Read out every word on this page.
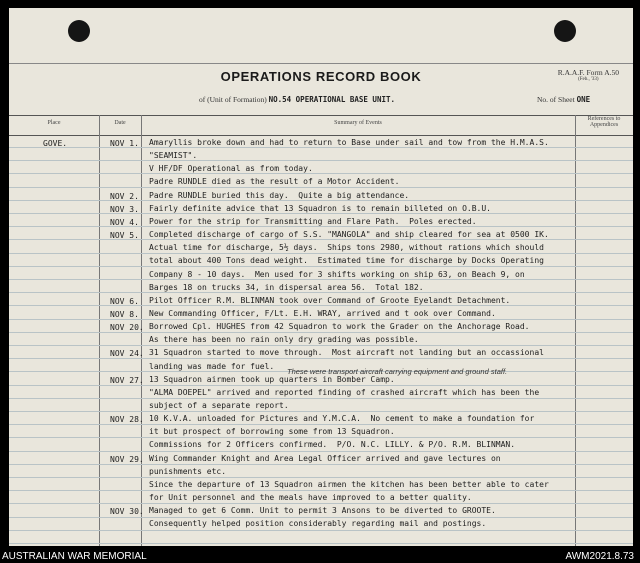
OPERATIONS RECORD BOOK	R.A.A.F. Form A.50
(Feb., '33)
of (Unit of Formation) NO.54 OPERATIONAL BASE UNIT.	No. of Sheet ONE
Place	Date	Summary of Events
References to Appendices
GOVE.	NOV 1. Amaryllis broke down and had to return to Base under sail and tow from the H.M.A.S.
"SEAMIST".
V HF/DF Operational as from today.
Padre RUNDLE died as the result of a Motor Accident.
NOV 2. Padre RUNDLE buried this day.  Quite a big attendance.
NOV 3. Fairly definite advice that 13 Squadron is to remain billeted on O.B.U.
NOV 4. Power for the strip for Transmitting and Flare Path.  Poles erected.
NOV 5. Completed discharge of cargo of S.S. "MANGOLA" and ship cleared for sea at 0500 IK.
Actual time for discharge, 5½ days.  Ships tons 2980, without rations which should
total about 400 Tons dead weight.  Estimated time for discharge by Docks Operating
Company 8 - 10 days.  Men used for 3 shifts working on ship 63, on Beach 9, on
Barges 18 on trucks 34, in dispersal area 56.  Total 182.
NOV 6. Pilot Officer R.M. BLINMAN took over Command of Groote Eyelandt Detachment.
NOV 8. New Commanding Officer, F/Lt. E.H. WRAY, arrived and t ook over Command.
NOV 20. Borrowed Cpl. HUGHES from 42 Squadron to work the Grader on the Anchorage Road.
As there has been no rain only dry grading was possible.
NOV 24. 31 Squadron started to move through.  Most aircraft not landing but an occassional
landing was made for fuel.
NOV 27. 13 Squadron airmen took up quarters in Bomber Camp.
"ALMA DOEPEL" arrived and reported finding of crashed aircraft which has been the
subject of a separate report.
NOV 28. 10 K.V.A. unloaded for Pictures and Y.M.C.A.  No cement to make a foundation for
it but prospect of borrowing some from 13 Squadron.
Commissions for 2 Officers confirmed.  P/O. N.C. LILLY. & P/O. R.M. BLINMAN.
NOV 29. Wing Commander Knight and Area Legal Officer arrived and gave lectures on
punishments etc.
Since the departure of 13 Squadron airmen the kitchen has been better able to cater
for Unit personnel and the meals have improved to a better quality.
NOV 30. Managed to get 6 Comm. Unit to permit 3 Ansons to be diverted to GROOTE.
Consequently helped position considerably regarding mail and postings.
These were transport aircraft carrying equipment and ground staff.
AUSTRALIAN WAR MEMORIAL	AWM2021.8.73
